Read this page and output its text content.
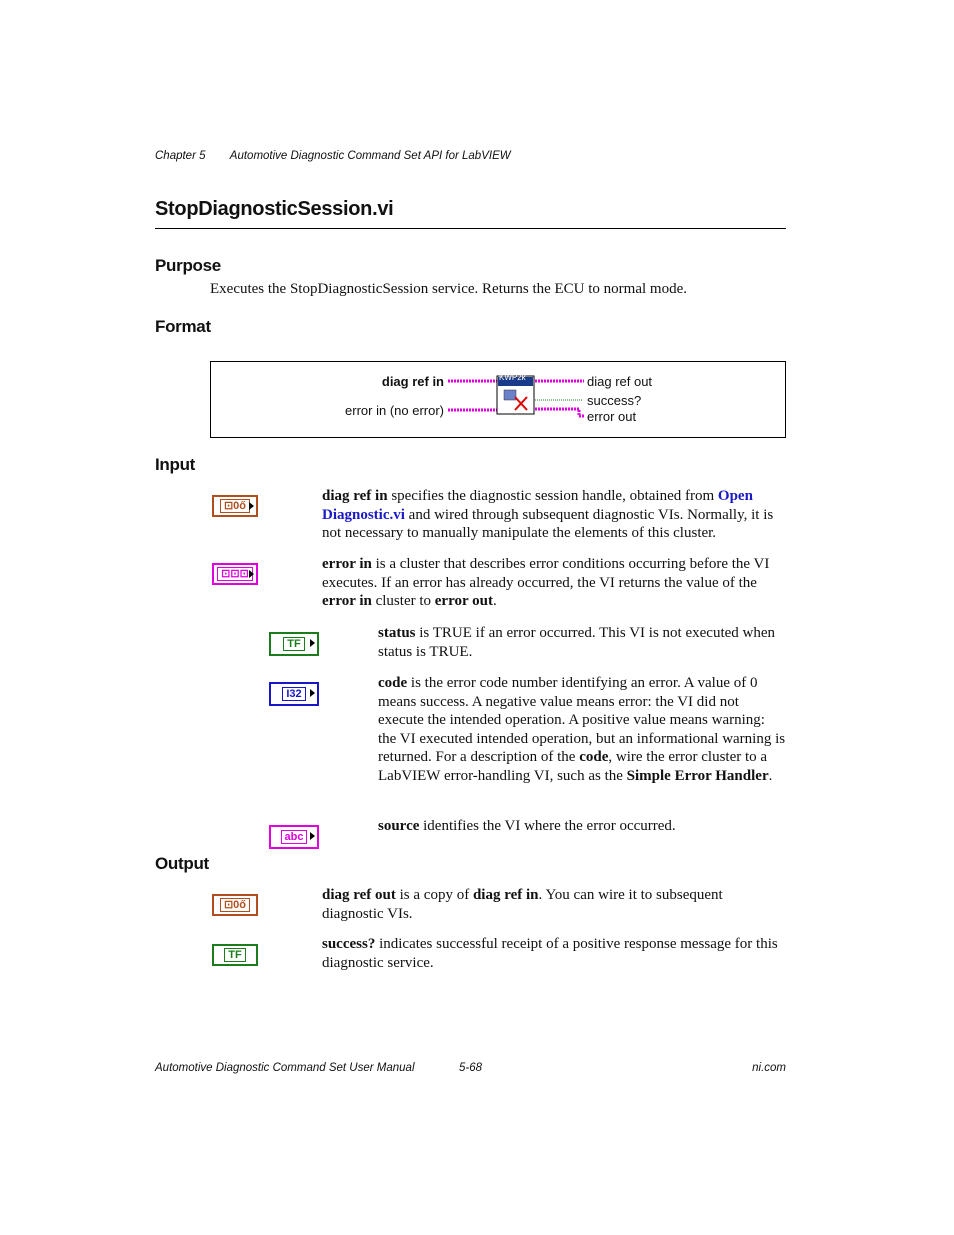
Chapter 5 Automotive Diagnostic Command Set API for LabVIEW
StopDiagnosticSession.vi
Purpose
Executes the StopDiagnosticSession service. Returns the ECU to normal mode.
Format
KWP2k
diag ref in
error in (no error)
diag ref out
success?
error out
Input
⊡0ő
diag ref in specifies the diagnostic session handle, obtained from Open Diagnostic.vi and wired through subsequent diagnostic VIs. Normally, it is not necessary to manually manipulate the elements of this cluster.
⊡⊡⊡
error in is a cluster that describes error conditions occurring before the VI executes. If an error has already occurred, the VI returns the value of the error in cluster to error out.
TF
status is TRUE if an error occurred. This VI is not executed when status is TRUE.
I32
code is the error code number identifying an error. A value of 0 means success. A negative value means error: the VI did not execute the intended operation. A positive value means warning: the VI executed intended operation, but an informational warning is returned. For a description of the code, wire the error cluster to a LabVIEW error-handling VI, such as the Simple Error Handler.
abc
source identifies the VI where the error occurred.
Output
⊡0ő
diag ref out is a copy of diag ref in. You can wire it to subsequent diagnostic VIs.
TF
success? indicates successful receipt of a positive response message for this diagnostic service.
Automotive Diagnostic Command Set User Manual	5-68	ni.com
